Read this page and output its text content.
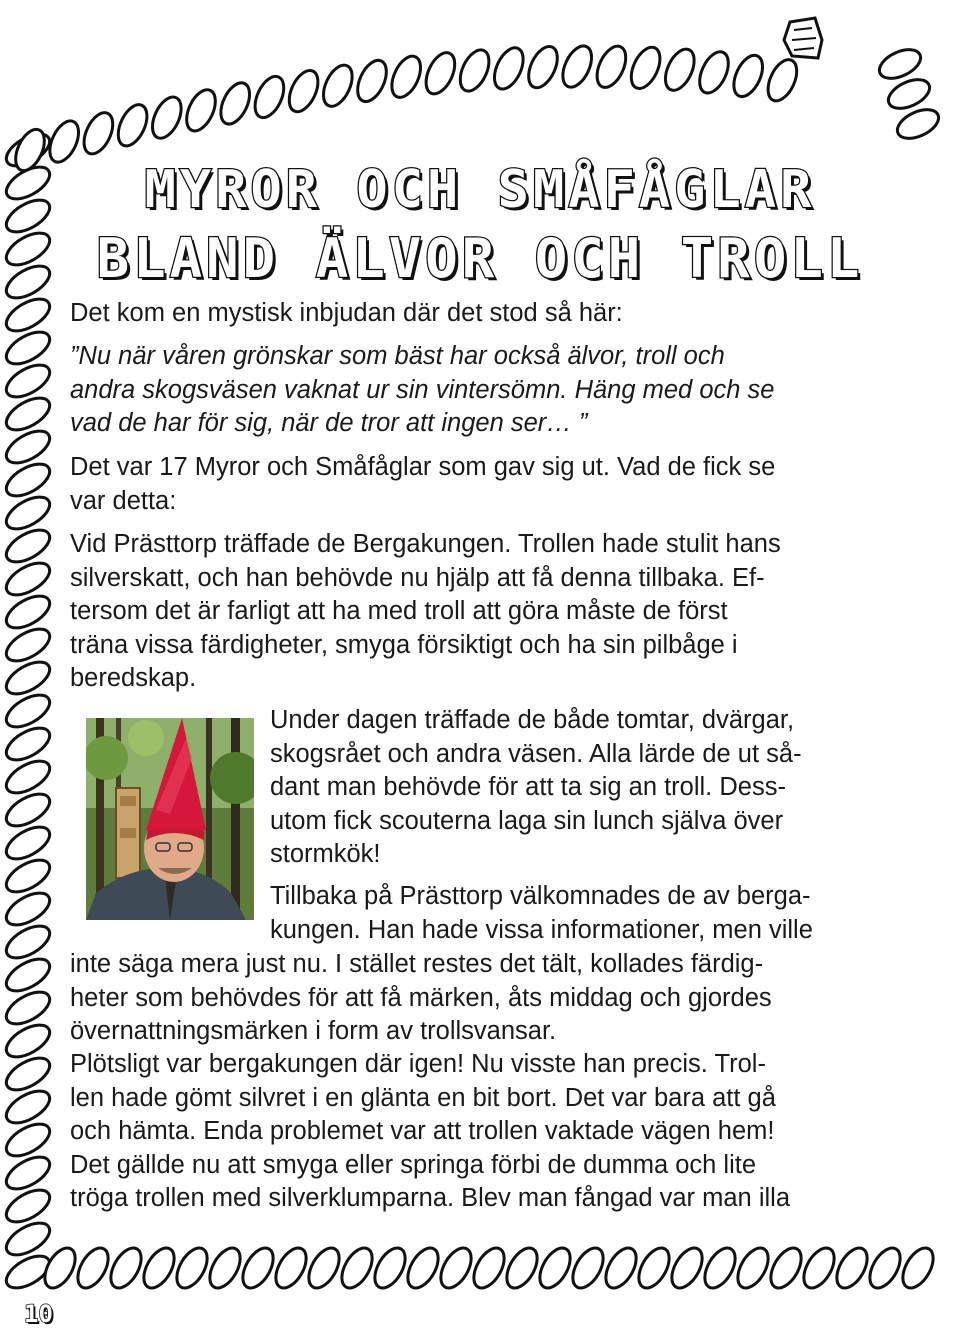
MYROR OCH SMÅFÅGLAR
BLAND ÄLVOR OCH TROLL
Det kom en mystisk inbjudan där det stod så här:
”Nu när våren grönskar som bäst har också älvor, troll och
andra skogsväsen vaknat ur sin vintersömn. Häng med och se
vad de har för sig, när de tror att ingen ser… ”
Det var 17 Myror och Småfåglar som gav sig ut. Vad de fick se
var detta:
Vid Prästtorp träffade de Bergakungen. Trollen hade stulit hans
silverskatt, och han behövde nu hjälp att få denna tillbaka. Ef-
tersom det är farligt att ha med troll att göra måste de först
träna vissa färdigheter, smyga försiktigt och ha sin pilbåge i
beredskap.
Under dagen träffade de både tomtar, dvärgar,
skogsrået och andra väsen. Alla lärde de ut så-
dant man behövde för att ta sig an troll. Dess-
utom fick scouterna laga sin lunch själva över
stormkök!
Tillbaka på Prästtorp välkomnades de av berga-
kungen. Han hade vissa informationer, men ville
inte säga mera just nu. I stället restes det tält, kollades färdig-
heter som behövdes för att få märken, åts middag och gjordes
övernattningsmärken i form av trollsvansar.
Plötsligt var bergakungen där igen! Nu visste han precis. Trol-
len hade gömt silvret i en glänta en bit bort. Det var bara att gå
och hämta. Enda problemet var att trollen vaktade vägen hem!
Det gällde nu att smyga eller springa förbi de dumma och lite
tröga trollen med silverklumparna. Blev man fångad var man illa
10
